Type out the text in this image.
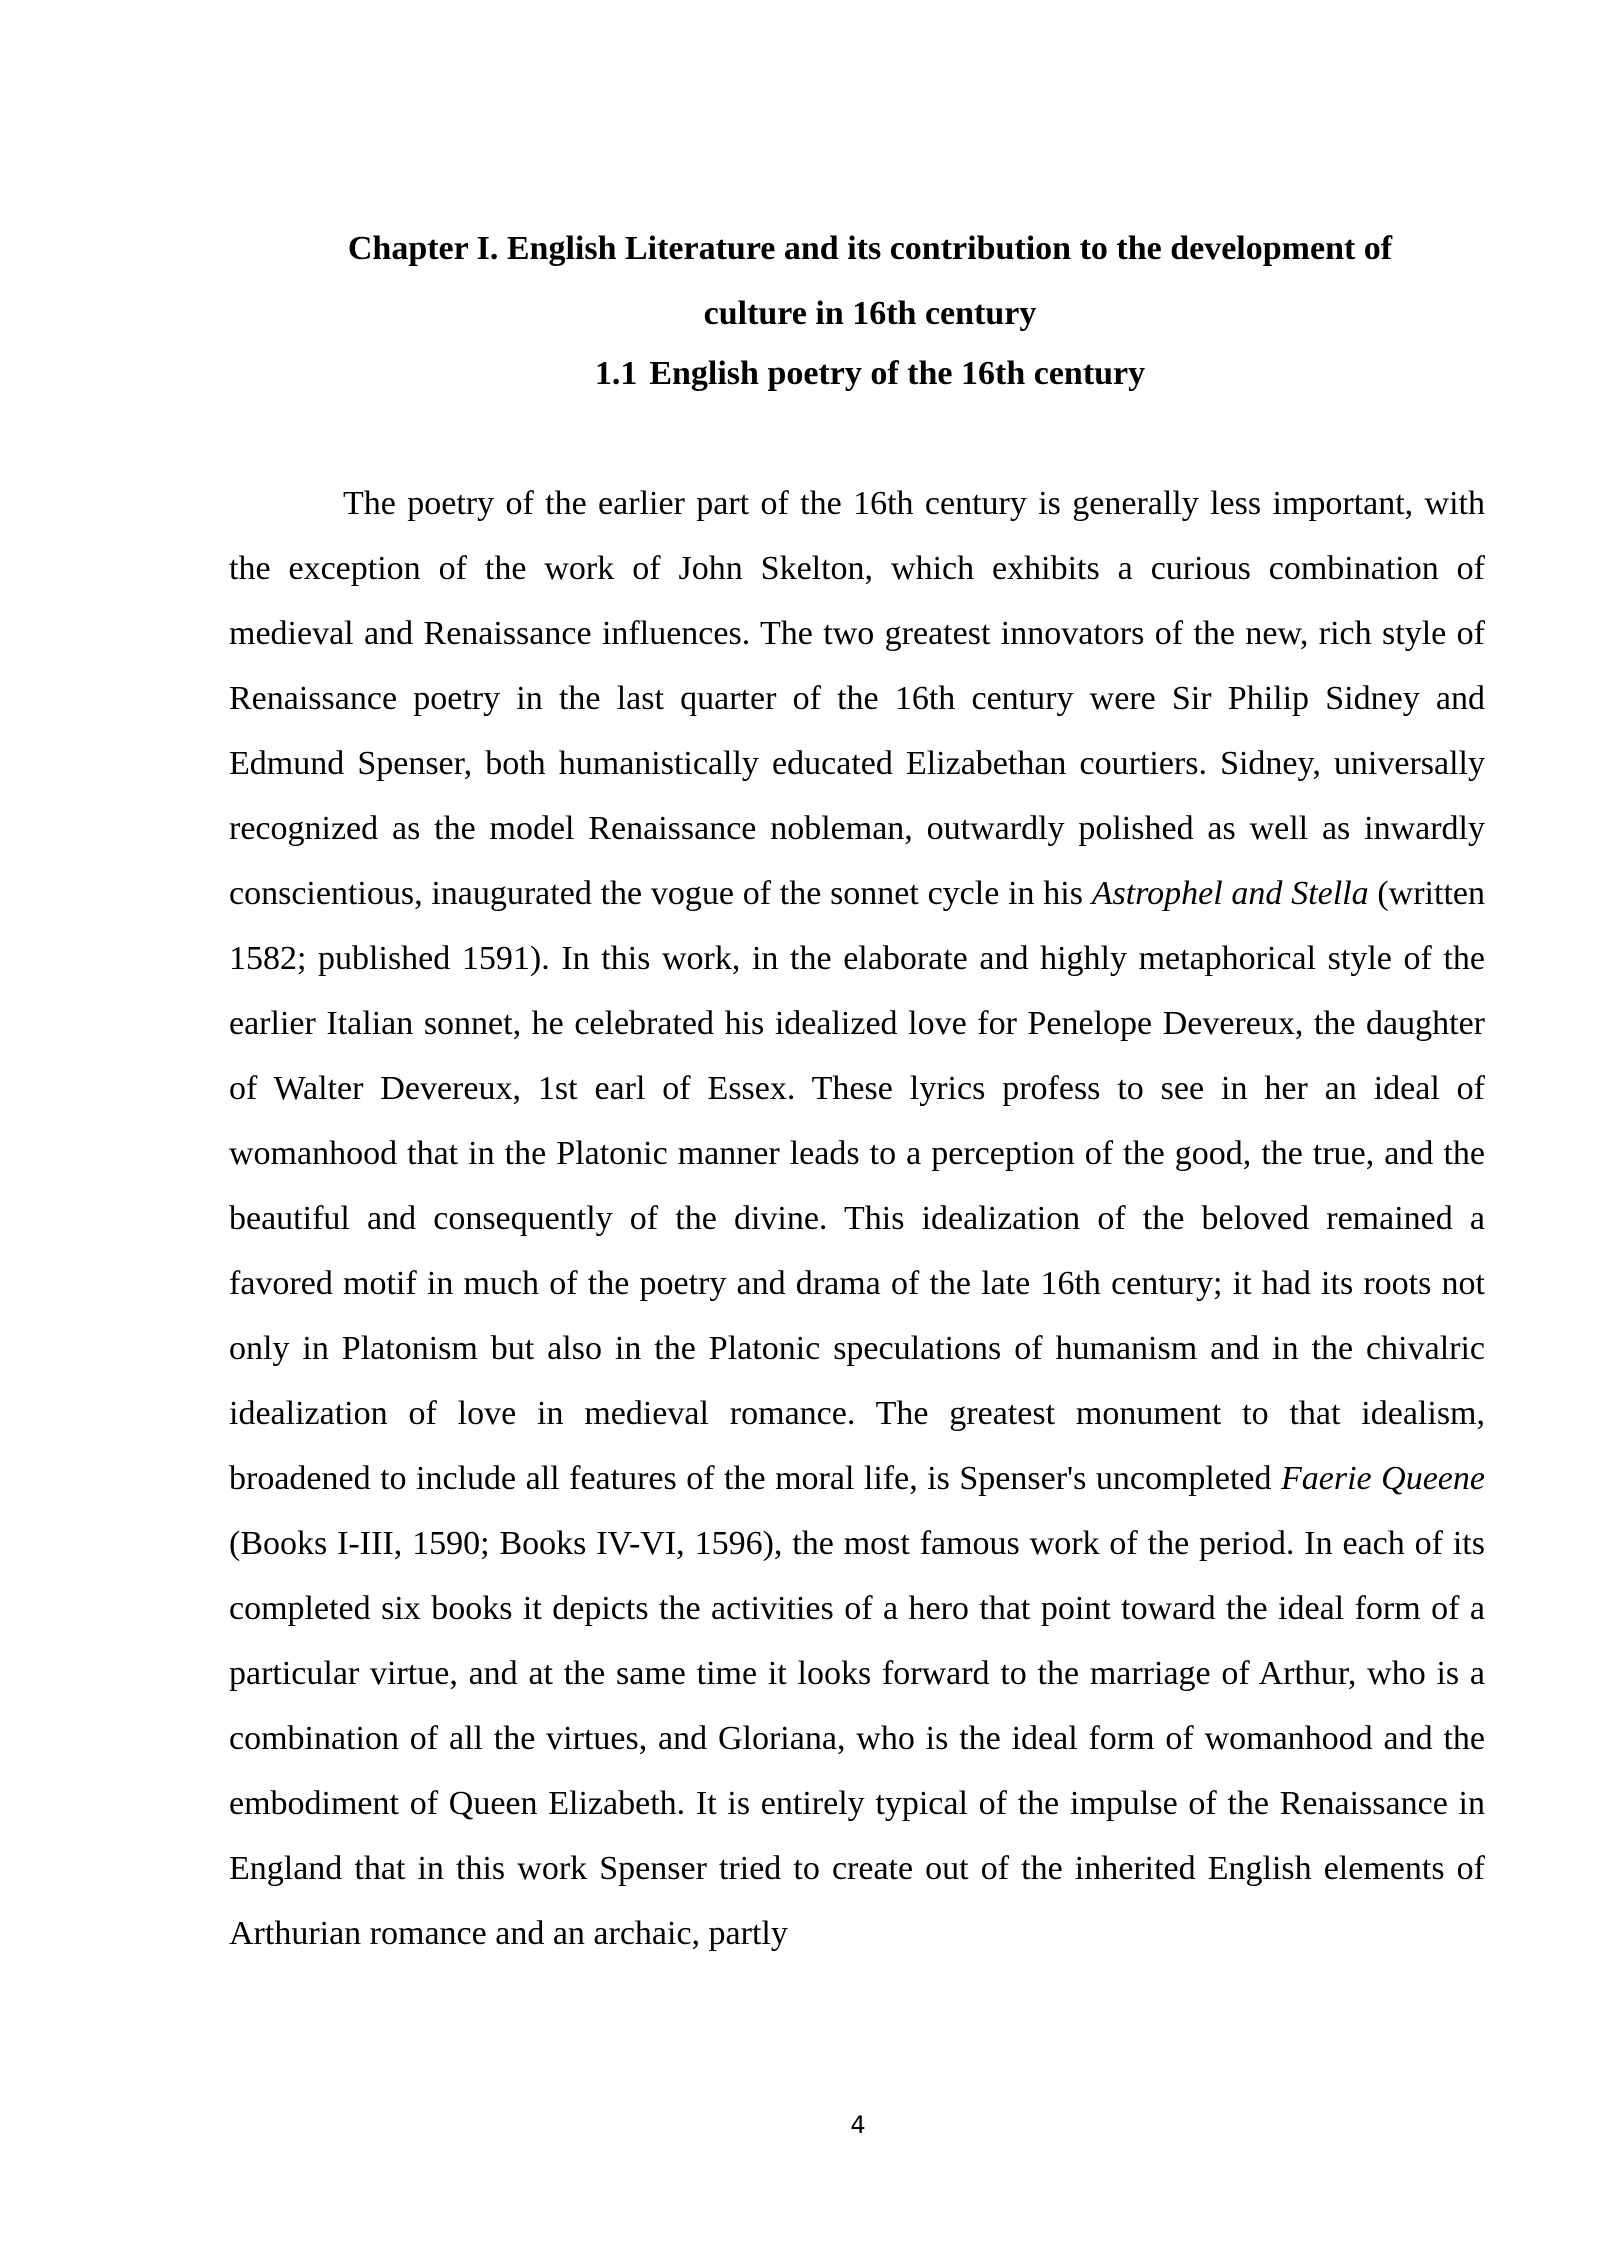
Chapter I. English Literature and its contribution to the development of culture in 16th century
1.1 English poetry of the 16th century

The poetry of the earlier part of the 16th century is generally less important, with the exception of the work of John Skelton, which exhibits a curious combination of medieval and Renaissance influences. The two greatest innovators of the new, rich style of Renaissance poetry in the last quarter of the 16th century were Sir Philip Sidney and Edmund Spenser, both humanistically educated Elizabethan courtiers. Sidney, universally recognized as the model Renaissance nobleman, outwardly polished as well as inwardly conscientious, inaugurated the vogue of the sonnet cycle in his Astrophel and Stella (written 1582; published 1591). In this work, in the elaborate and highly metaphorical style of the earlier Italian sonnet, he celebrated his idealized love for Penelope Devereux, the daughter of Walter Devereux, 1st earl of Essex. These lyrics profess to see in her an ideal of womanhood that in the Platonic manner leads to a perception of the good, the true, and the beautiful and consequently of the divine. This idealization of the beloved remained a favored motif in much of the poetry and drama of the late 16th century; it had its roots not only in Platonism but also in the Platonic speculations of humanism and in the chivalric idealization of love in medieval romance. The greatest monument to that idealism, broadened to include all features of the moral life, is Spenser's uncompleted Faerie Queene (Books I-III, 1590; Books IV-VI, 1596), the most famous work of the period. In each of its completed six books it depicts the activities of a hero that point toward the ideal form of a particular virtue, and at the same time it looks forward to the marriage of Arthur, who is a combination of all the virtues, and Gloriana, who is the ideal form of womanhood and the embodiment of Queen Elizabeth. It is entirely typical of the impulse of the Renaissance in England that in this work Spenser tried to create out of the inherited English elements of Arthurian romance and an archaic, partly

4
